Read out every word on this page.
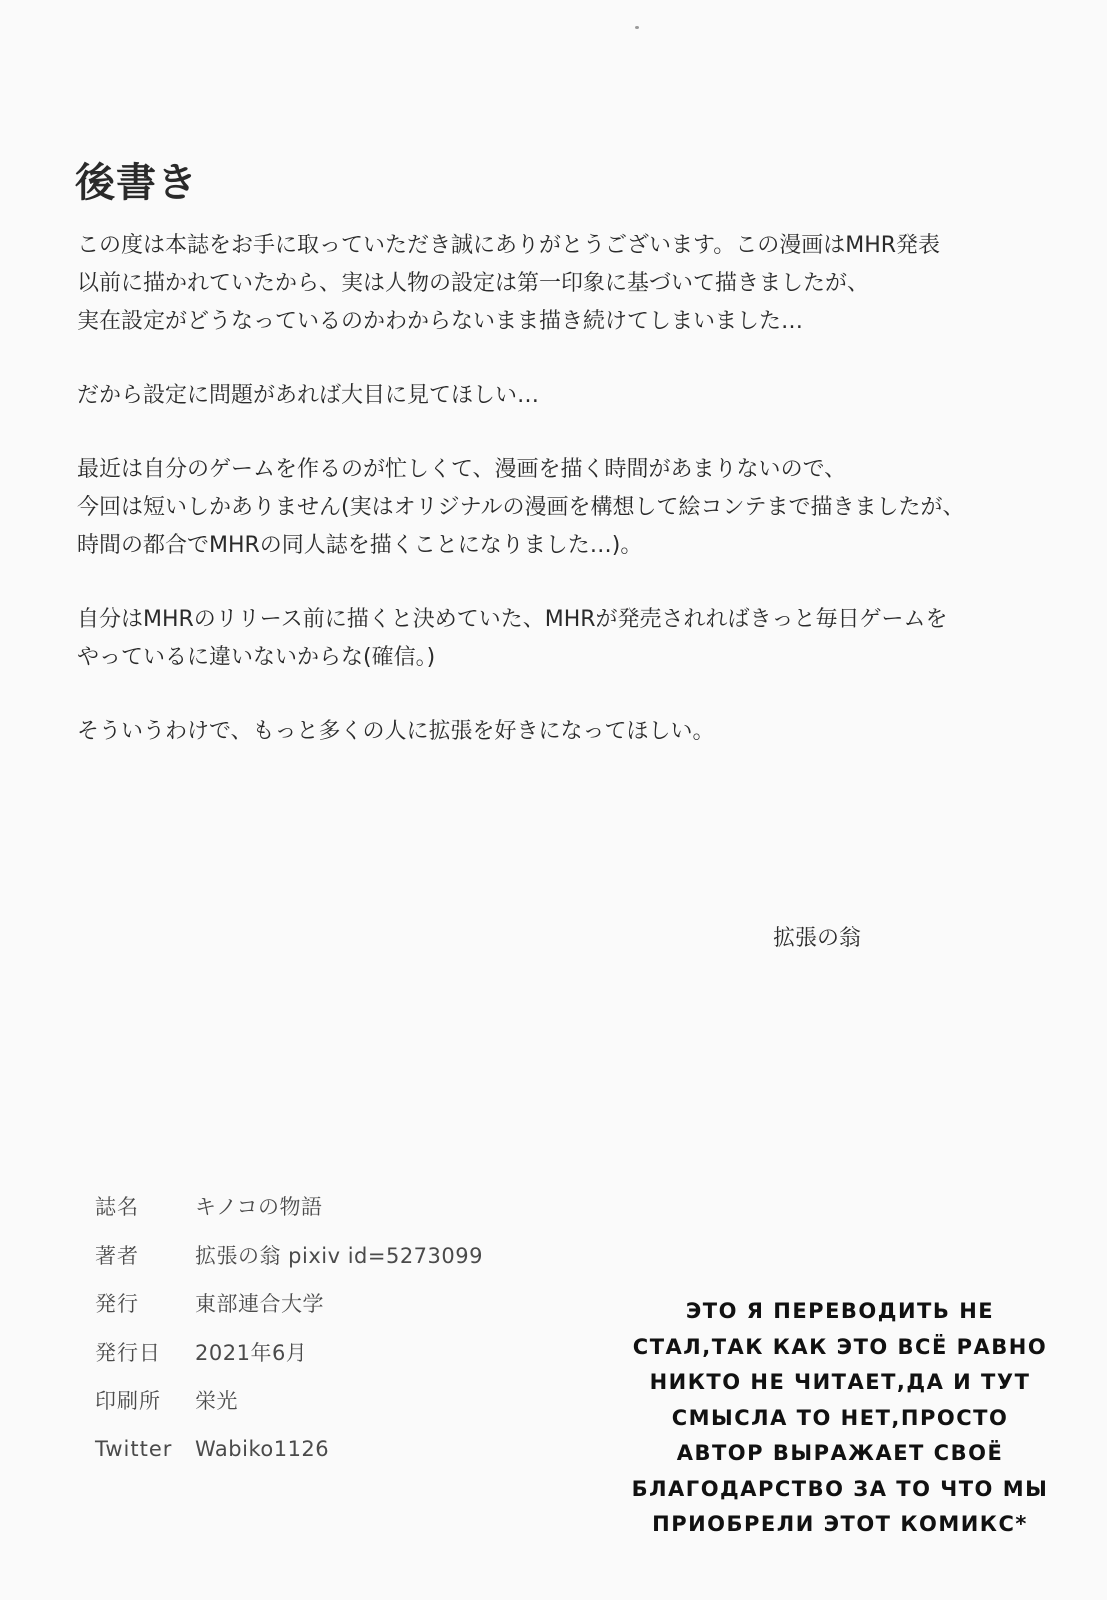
後書き

この度は本誌をお手に取っていただき誠にありがとうございます。この漫画はMHR発表
以前に描かれていたから、実は人物の設定は第一印象に基づいて描きましたが、
実在設定がどうなっているのかわからないまま描き続けてしまいました…

だから設定に問題があれば大目に見てほしい…

最近は自分のゲームを作るのが忙しくて、漫画を描く時間があまりないので、
今回は短いしかありません(実はオリジナルの漫画を構想して絵コンテまで描きましたが、
時間の都合でMHRの同人誌を描くことになりました…)。

自分はMHRのリリース前に描くと決めていた、MHRが発売されればきっと毎日ゲームを
やっているに違いないからな(確信。)

そういうわけで、もっと多くの人に拡張を好きになってほしい。

拡張の翁
誌名	キノコの物語
著者	拡張の翁 pixiv id=5273099
発行	東部連合大学
発行日	2021年6月
印刷所	栄光
Twitter	Wabiko1126
ЭТО Я ПЕРЕВОДИТЬ НЕ
СТАЛ,ТАК КАК ЭТО ВСЁ РАВНО
НИКТО НЕ ЧИТАЕТ,ДА И ТУТ
СМЫСЛА ТО НЕТ,ПРОСТО
АВТОР ВЫРАЖАЕТ СВОЁ
БЛАГОДАРСТВО ЗА ТО ЧТО МЫ
ПРИОБРЕЛИ ЭТОТ КОМИКС*
